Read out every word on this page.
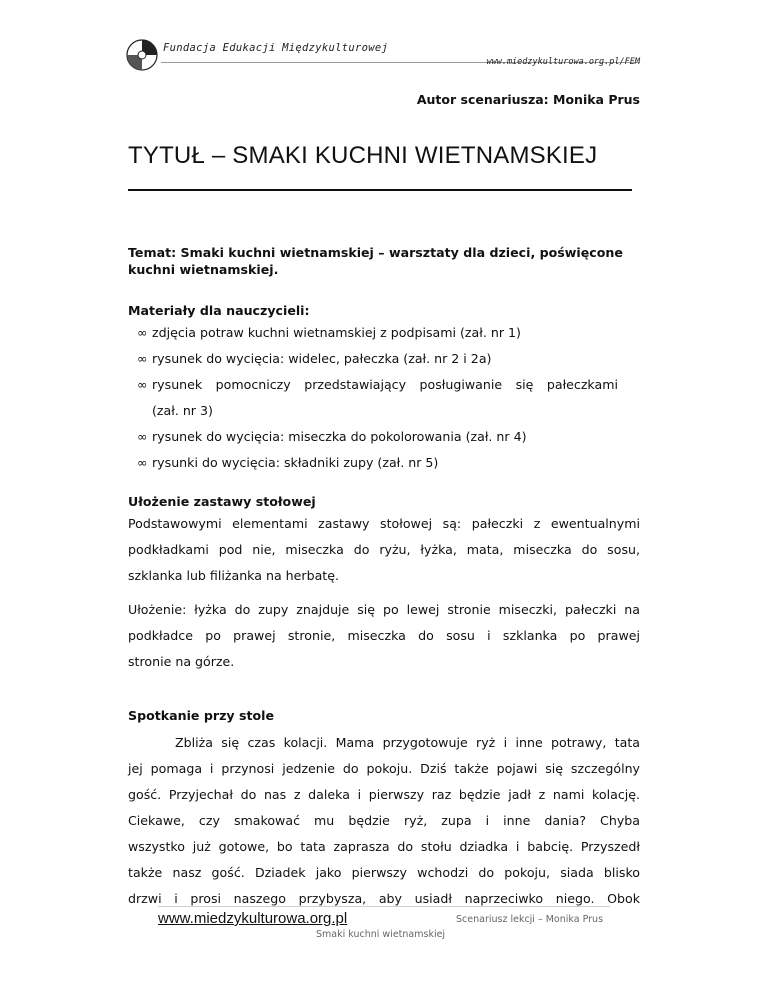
Fundacja Edukacji Międzykulturowej
www.miedzykulturowa.org.pl/FEM
Autor scenariusza: Monika Prus
TYTUŁ – SMAKI KUCHNI WIETNAMSKIEJ
Temat: Smaki kuchni wietnamskiej – warsztaty dla dzieci, poświęcone
kuchni wietnamskiej.
Materiały dla nauczycieli:
∞ zdjęcia potraw kuchni wietnamskiej z podpisami (zał. nr 1)
∞ rysunek do wycięcia: widelec, pałeczka (zał. nr 2 i 2a)
∞ rysunek pomocniczy przedstawiający posługiwanie się pałeczkami
(zał. nr 3)
∞ rysunek do wycięcia: miseczka do pokolorowania (zał. nr 4)
∞ rysunki do wycięcia: składniki zupy (zał. nr 5)
Ułożenie zastawy stołowej
Podstawowymi elementami zastawy stołowej są: pałeczki z ewentualnymi
podkładkami pod nie, miseczka do ryżu, łyżka, mata, miseczka do sosu,
szklanka lub filiżanka na herbatę.
Ułożenie: łyżka do zupy znajduje się po lewej stronie miseczki, pałeczki na
podkładce po prawej stronie, miseczka do sosu i szklanka po prawej
stronie na górze.
Spotkanie przy stole
Zbliża się czas kolacji. Mama przygotowuje ryż i inne potrawy, tata
jej pomaga i przynosi jedzenie do pokoju. Dziś także pojawi się szczególny
gość. Przyjechał do nas z daleka i pierwszy raz będzie jadł z nami kolację.
Ciekawe, czy smakować mu będzie ryż, zupa i inne dania? Chyba
wszystko już gotowe, bo tata zaprasza do stołu dziadka i babcię. Przyszedł
także nasz gość. Dziadek jako pierwszy wchodzi do pokoju, siada blisko
drzwi i prosi naszego przybysza, aby usiadł naprzeciwko niego. Obok
www.miedzykulturowa.org.pl	Scenariusz lekcji – Monika Prus
Smaki kuchni wietnamskiej
